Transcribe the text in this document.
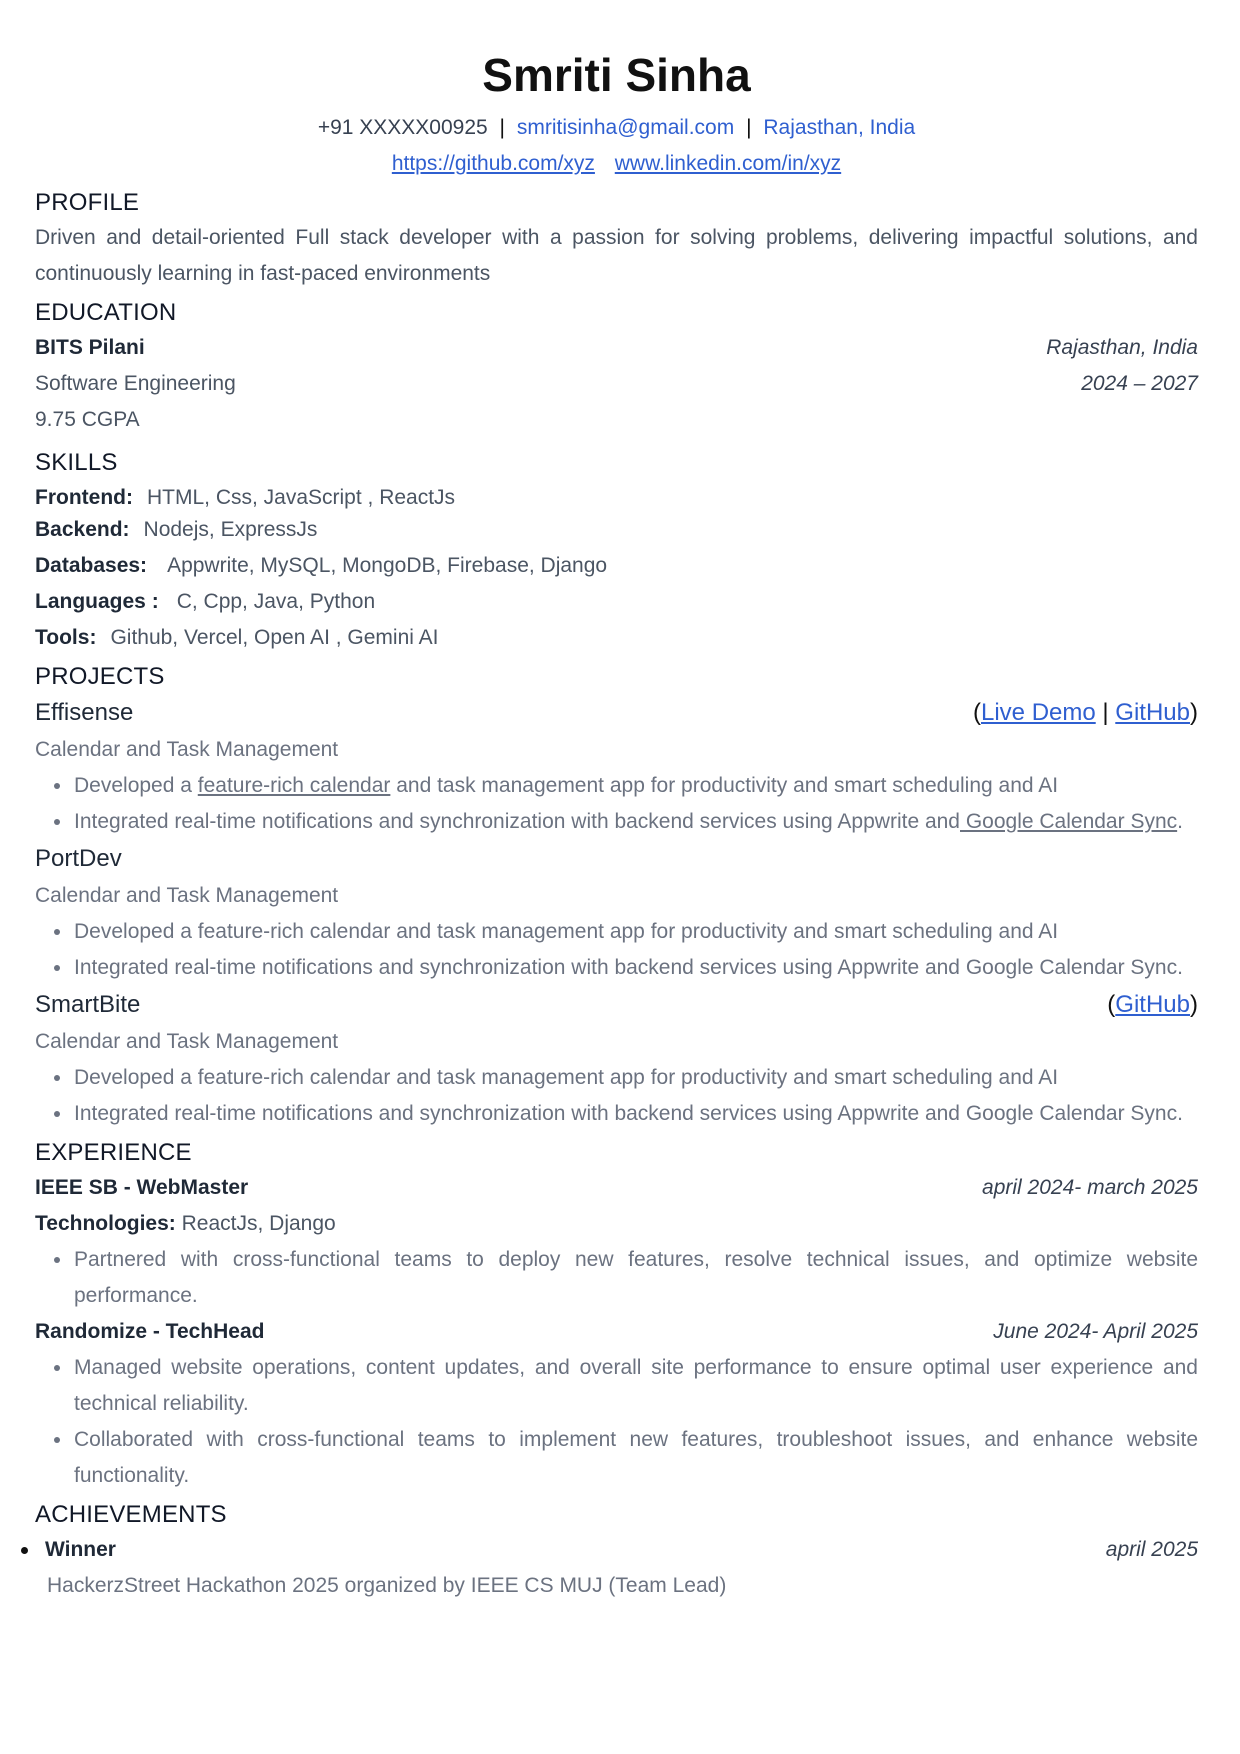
Smriti Sinha
+91 XXXXX00925 | smritisinha@gmail.com | Rajasthan, India
https://github.com/xyz www.linkedin.com/in/xyz
PROFILE
Driven and detail-oriented Full stack developer with a passion for solving problems, delivering impactful solutions, and continuously learning in fast-paced environments
EDUCATION
BITS Pilani	Rajasthan, India
Software Engineering	2024 – 2027
9.75 CGPA
SKILLS
Frontend: HTML, Css, JavaScript , ReactJs
Backend: Nodejs, ExpressJs
Databases: Appwrite, MySQL, MongoDB, Firebase, Django
Languages : C, Cpp, Java, Python
Tools: Github, Vercel, Open AI , Gemini AI
PROJECTS
Effisense	(Live Demo | GitHub)
Calendar and Task Management
Developed a feature-rich calendar and task management app for productivity and smart scheduling and AI
Integrated real-time notifications and synchronization with backend services using Appwrite and Google Calendar Sync.
PortDev
Calendar and Task Management
Developed a feature-rich calendar and task management app for productivity and smart scheduling and AI
Integrated real-time notifications and synchronization with backend services using Appwrite and Google Calendar Sync.
SmartBite	(GitHub)
Calendar and Task Management
Developed a feature-rich calendar and task management app for productivity and smart scheduling and AI
Integrated real-time notifications and synchronization with backend services using Appwrite and Google Calendar Sync.
EXPERIENCE
IEEE SB - WebMaster	april 2024- march 2025
Technologies: ReactJs, Django
Partnered with cross-functional teams to deploy new features, resolve technical issues, and optimize website performance.
Randomize - TechHead	June 2024- April 2025
Managed website operations, content updates, and overall site performance to ensure optimal user experience and technical reliability.
Collaborated with cross-functional teams to implement new features, troubleshoot issues, and enhance website functionality.
ACHIEVEMENTS
Winner	april 2025
HackerzStreet Hackathon 2025 organized by IEEE CS MUJ (Team Lead)
